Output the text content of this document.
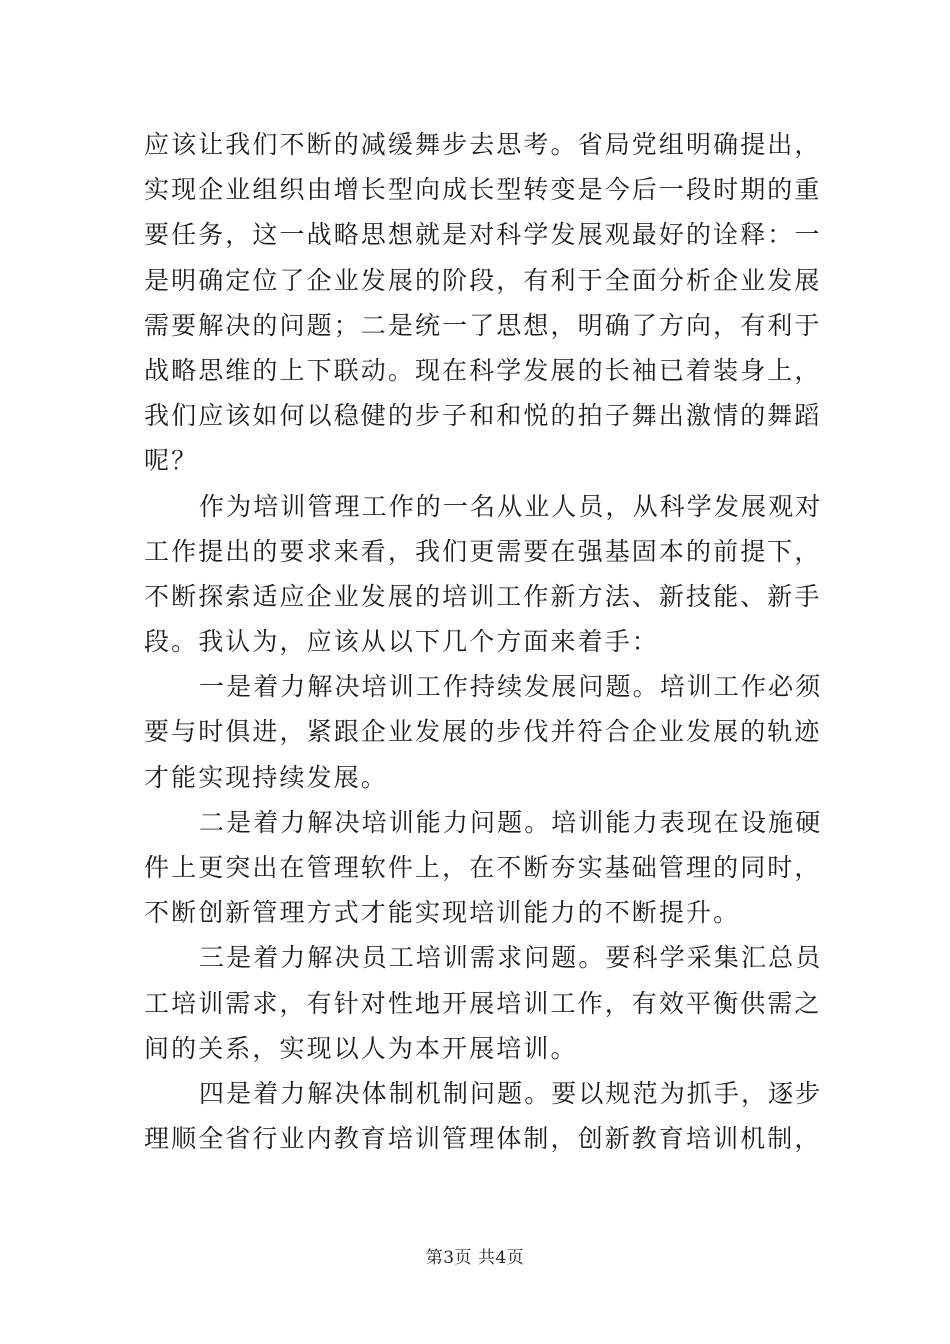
应该让我们不断的减缓舞步去思考。省局党组明确提出，
实现企业组织由增长型向成长型转变是今后一段时期的重
要任务，这一战略思想就是对科学发展观最好的诠释：一
是明确定位了企业发展的阶段，有利于全面分析企业发展
需要解决的问题；二是统一了思想，明确了方向，有利于
战略思维的上下联动。现在科学发展的长袖已着装身上，
我们应该如何以稳健的步子和和悦的拍子舞出激情的舞蹈
呢？
作为培训管理工作的一名从业人员，从科学发展观对
工作提出的要求来看，我们更需要在强基固本的前提下，
不断探索适应企业发展的培训工作新方法、新技能、新手
段。我认为，应该从以下几个方面来着手：
一是着力解决培训工作持续发展问题。培训工作必须
要与时俱进，紧跟企业发展的步伐并符合企业发展的轨迹
才能实现持续发展。
二是着力解决培训能力问题。培训能力表现在设施硬
件上更突出在管理软件上，在不断夯实基础管理的同时，
不断创新管理方式才能实现培训能力的不断提升。
三是着力解决员工培训需求问题。要科学采集汇总员
工培训需求，有针对性地开展培训工作，有效平衡供需之
间的关系，实现以人为本开展培训。
四是着力解决体制机制问题。要以规范为抓手，逐步
理顺全省行业内教育培训管理体制，创新教育培训机制，
第3页 共4页
